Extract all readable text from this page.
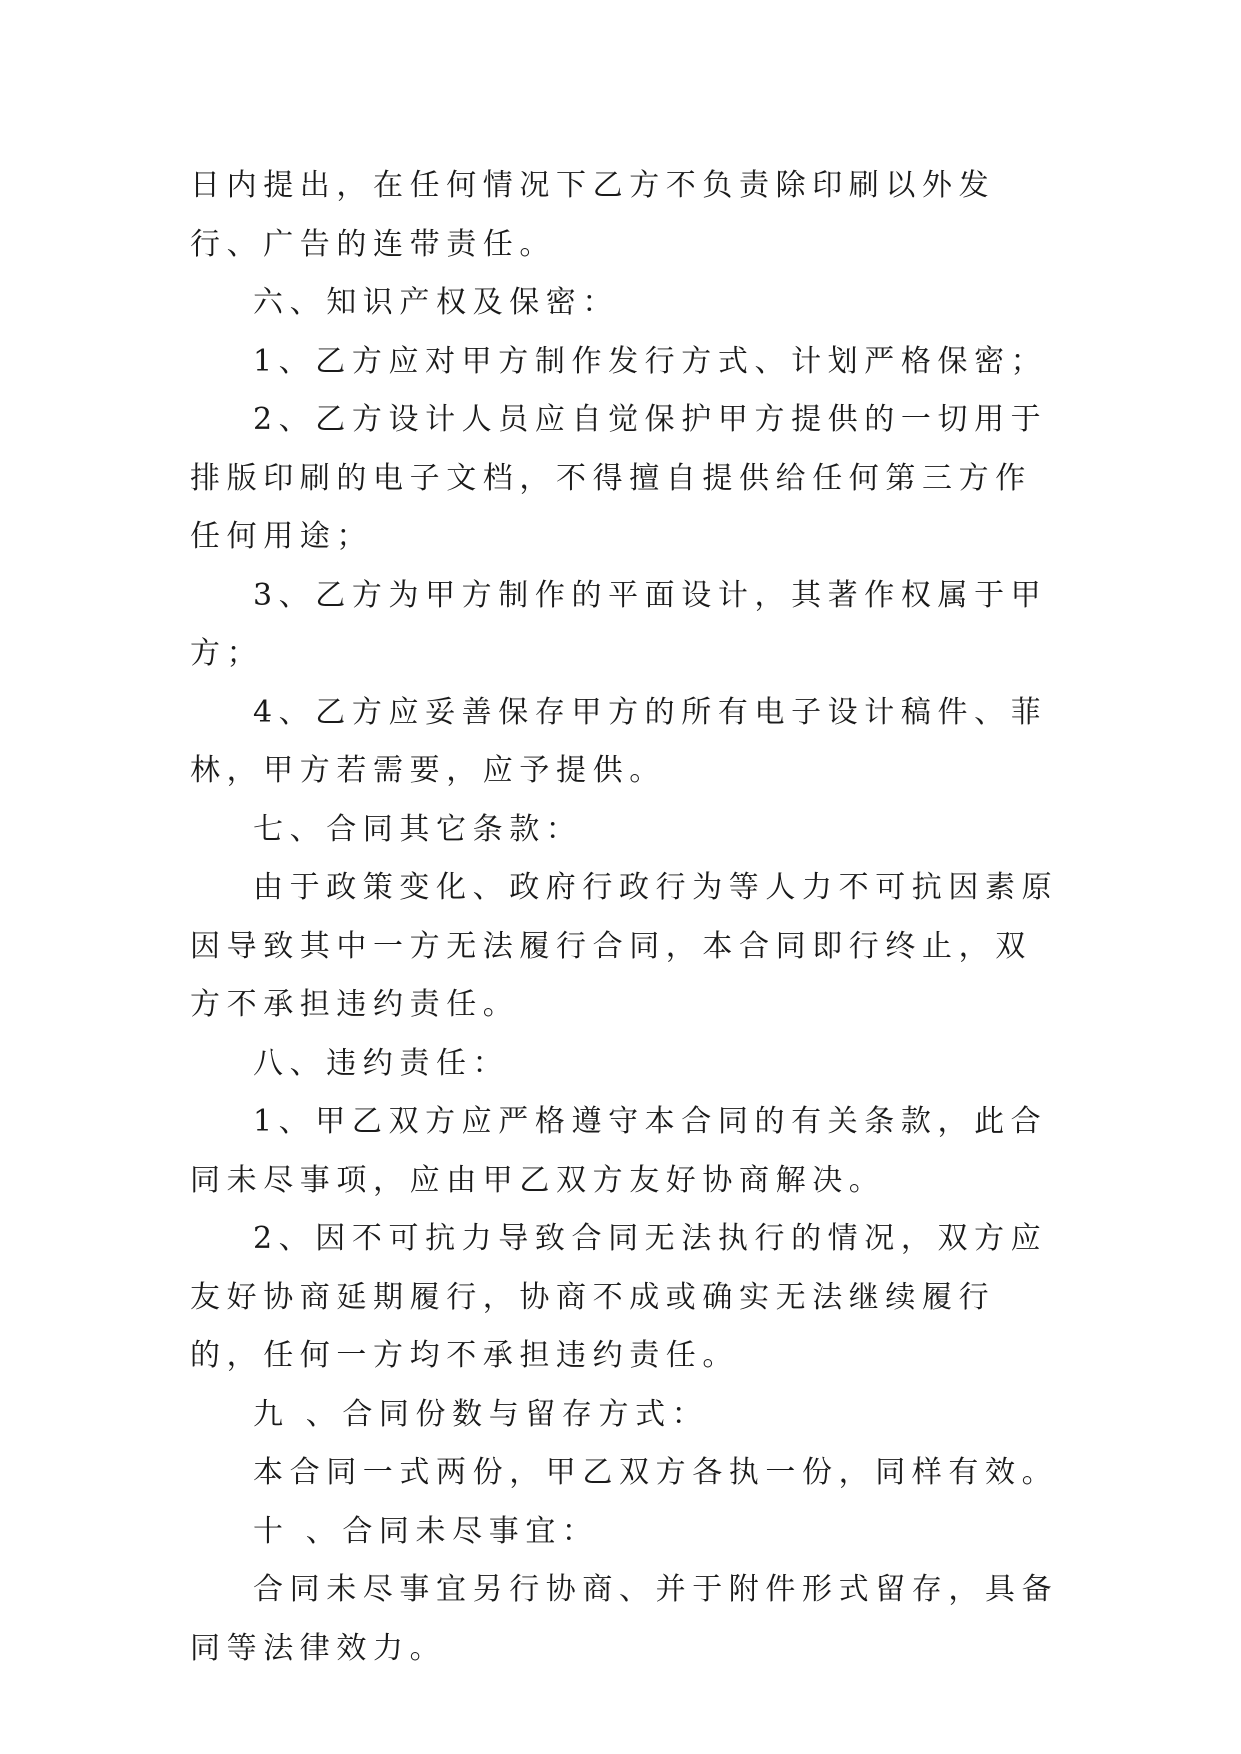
日内提出，在任何情况下乙方不负责除印刷以外发行、广告的连带责任。

六、知识产权及保密：

1、乙方应对甲方制作发行方式、计划严格保密；

2、乙方设计人员应自觉保护甲方提供的一切用于排版印刷的电子文档，不得擅自提供给任何第三方作任何用途；

3、乙方为甲方制作的平面设计，其著作权属于甲方；

4、乙方应妥善保存甲方的所有电子设计稿件、菲林，甲方若需要，应予提供。

七、合同其它条款：

由于政策变化、政府行政行为等人力不可抗因素原因导致其中一方无法履行合同，本合同即行终止，双方不承担违约责任。

八、违约责任：

1、甲乙双方应严格遵守本合同的有关条款，此合同未尽事项，应由甲乙双方友好协商解决。

2、因不可抗力导致合同无法执行的情况，双方应友好协商延期履行，协商不成或确实无法继续履行的，任何一方均不承担违约责任。

九 、合同份数与留存方式：

本合同一式两份，甲乙双方各执一份，同样有效。

十 、合同未尽事宜：

合同未尽事宜另行协商、并于附件形式留存，具备同等法律效力。
